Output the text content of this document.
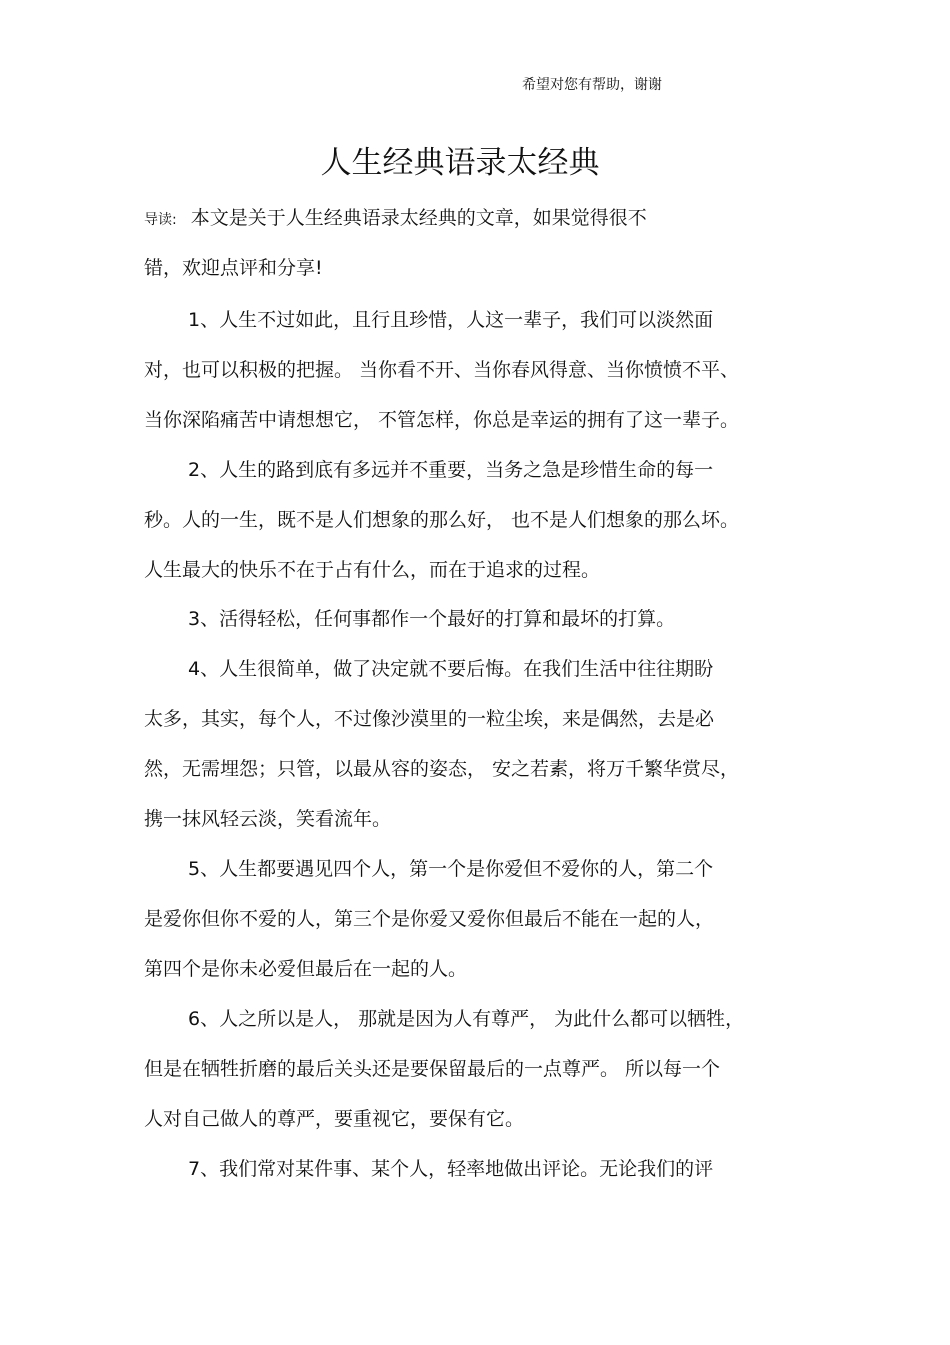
希望对您有帮助，谢谢
人生经典语录太经典
导读: 本文是关于人生经典语录太经典的文章，如果觉得很不
错，欢迎点评和分享!
1、人生不过如此，且行且珍惜，人这一辈子，我们可以淡然面
对，也可以积极的把握。 当你看不开、当你春风得意、当你愤愤不平、
当你深陷痛苦中请想想它， 不管怎样，你总是幸运的拥有了这一辈子。
2、人生的路到底有多远并不重要，当务之急是珍惜生命的每一
秒。人的一生，既不是人们想象的那么好， 也不是人们想象的那么坏。
人生最大的快乐不在于占有什么，而在于追求的过程。
3、活得轻松，任何事都作一个最好的打算和最坏的打算。
4、人生很简单，做了决定就不要后悔。在我们生活中往往期盼
太多，其实，每个人，不过像沙漠里的一粒尘埃，来是偶然，去是必
然，无需埋怨；只管，以最从容的姿态， 安之若素，将万千繁华赏尽，
携一抹风轻云淡，笑看流年。
5、人生都要遇见四个人，第一个是你爱但不爱你的人，第二个
是爱你但你不爱的人，第三个是你爱又爱你但最后不能在一起的人，
第四个是你未必爱但最后在一起的人。
6、人之所以是人， 那就是因为人有尊严， 为此什么都可以牺牲，
但是在牺牲折磨的最后关头还是要保留最后的一点尊严。 所以每一个
人对自己做人的尊严，要重视它，要保有它。
7、我们常对某件事、某个人，轻率地做出评论。无论我们的评
